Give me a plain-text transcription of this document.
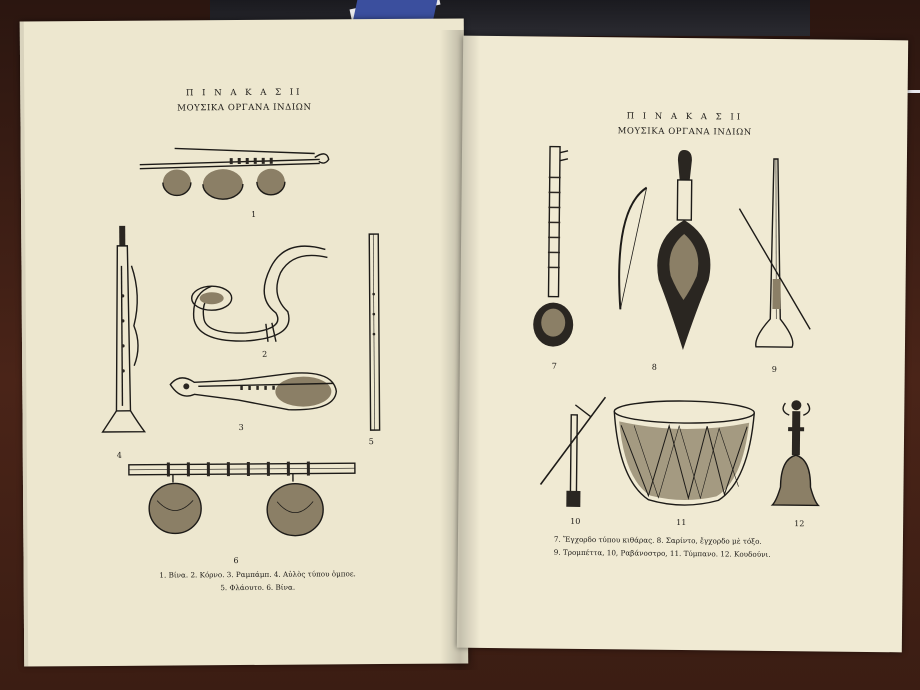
Π Ι Ν Α Κ Α Σ II
ΜΟΥΣΙΚΑ ΟΡΓΑΝΑ ΙΝΔΙΩΝ
1
4
2
5
3
6
1. Βίνα. 2. Κόρνο. 3. Ραμπάμπ. 4. Αὐλὸς τύπου ὀμποε.
5. Φλάουτο. 6. Βίνα.
Π Ι Ν Α Κ Α Σ II
ΜΟΥΣΙΚΑ ΟΡΓΑΝΑ ΙΝΔΙΩΝ
7	8	9
10	11	12
7. Ἔγχορδο τύπου κιθάρας. 8. Σαρίντο, ἔγχορδο μὲ τόξο.
9. Τρομπέττα, 10, Ραβάνοστρο, 11. Τύμπανο. 12. Κουδούνι.
